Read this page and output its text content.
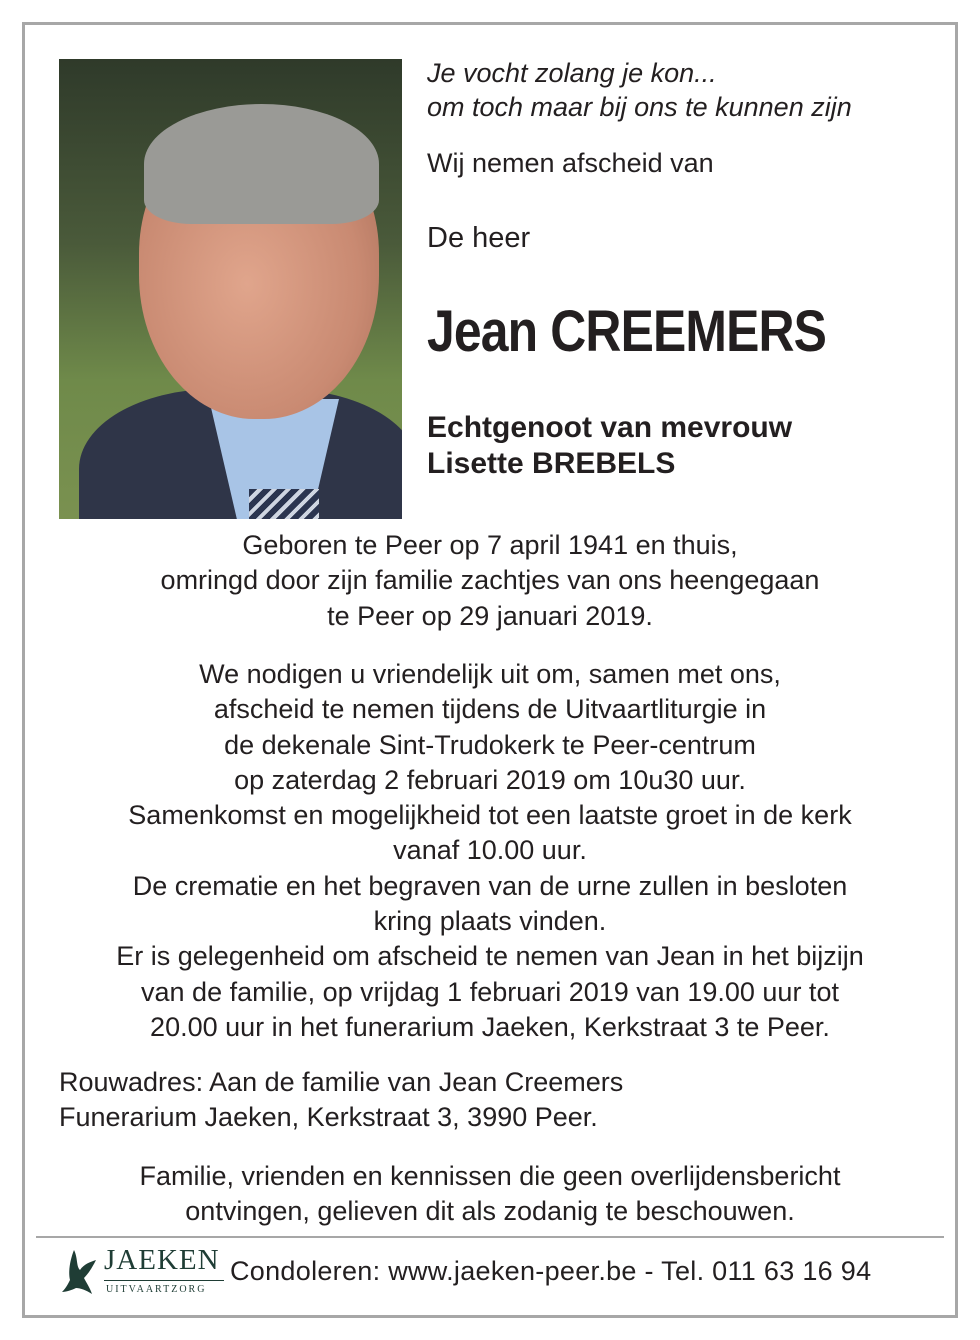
Je vocht zolang je kon...
om toch maar bij ons te kunnen zijn
Wij nemen afscheid van
De heer
Jean CREEMERS
Echtgenoot van mevrouw
Lisette BREBELS
Geboren te Peer op 7 april 1941 en thuis,
omringd door zijn familie zachtjes van ons heengegaan
te Peer op 29 januari 2019.
We nodigen u vriendelijk uit om, samen met ons,
afscheid te nemen tijdens de Uitvaartliturgie in
de dekenale Sint-Trudokerk te Peer-centrum
op zaterdag 2 februari 2019 om 10u30 uur.
Samenkomst en mogelijkheid tot een laatste groet in de kerk
vanaf 10.00 uur.
De crematie en het begraven van de urne zullen in besloten
kring plaats vinden.
Er is gelegenheid om afscheid te nemen van Jean in het bijzijn
van de familie, op vrijdag 1 februari 2019 van 19.00 uur tot
20.00 uur in het funerarium Jaeken, Kerkstraat 3 te Peer.
Rouwadres: Aan de familie van Jean Creemers
Funerarium Jaeken, Kerkstraat 3, 3990 Peer.
Familie, vrienden en kennissen die geen overlijdensbericht
ontvingen, gelieven dit als zodanig te beschouwen.
JAEKEN
UITVAARTZORG
Condoleren: www.jaeken-peer.be - Tel. 011 63 16 94
